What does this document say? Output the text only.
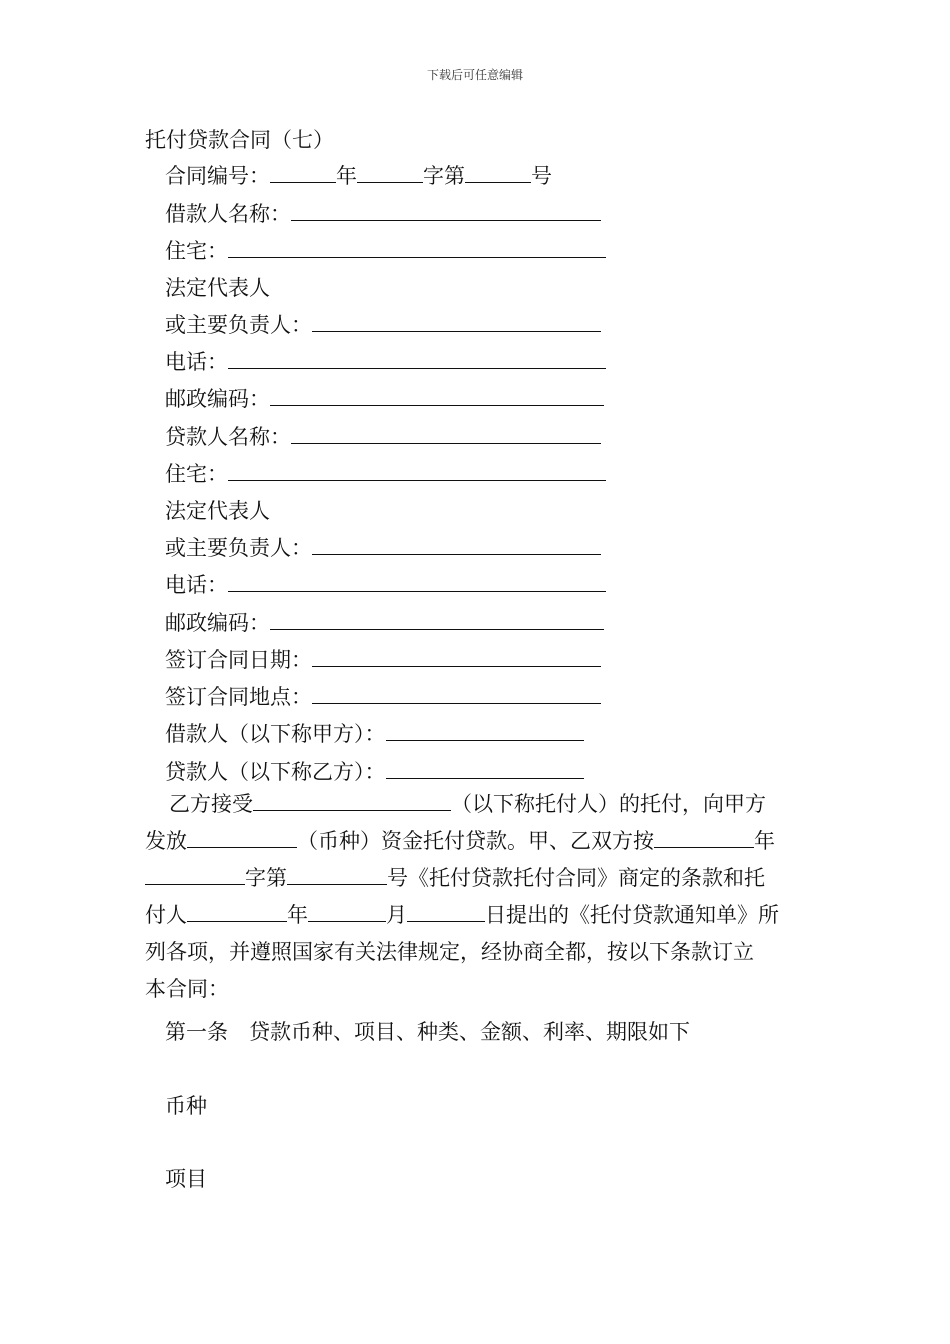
下载后可任意编辑
托付贷款合同（七）
合同编号：	年	字第	号
借款人名称：
住宅：
法定代表人
或主要负责人：
电话：
邮政编码：
贷款人名称：
住宅：
法定代表人
或主要负责人：
电话：
邮政编码：
签订合同日期：
签订合同地点：
借款人（以下称甲方）：
贷款人（以下称乙方）：
乙方接受	（以下称托付人）的托付，向甲方
发放	（币种）资金托付贷款。甲、乙双方按	年
字第	号《托付贷款托付合同》商定的条款和托
付人	年	月	日提出的《托付贷款通知单》所
列各项，并遵照国家有关法律规定，经协商全都，按以下条款订立
本合同：
第一条　贷款币种、项目、种类、金额、利率、期限如下
币种
项目
